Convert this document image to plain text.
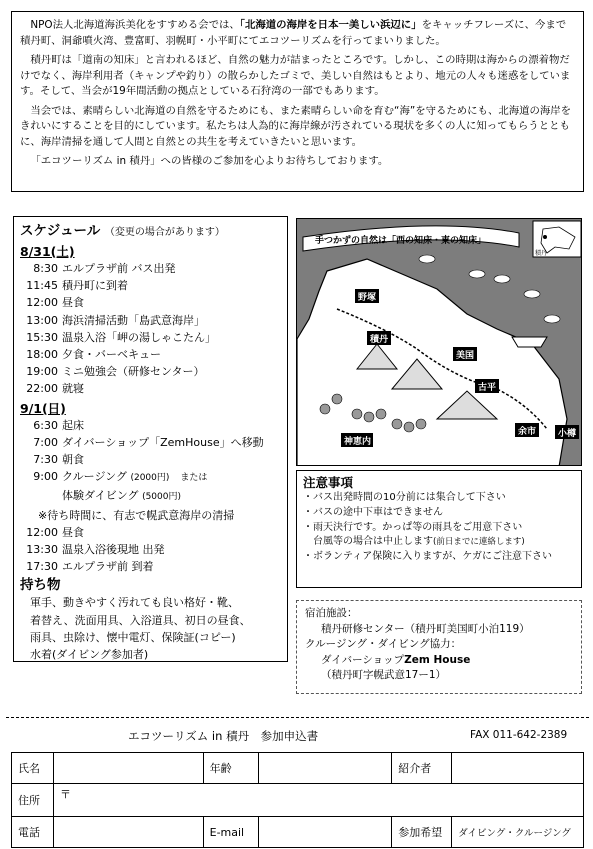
NPO法人北海道海浜美化をすすめる会では、「北海道の海岸を日本一美しい浜辺に」をキャッチフレーズに、今まで積丹町、洞爺噴火湾、豊富町、羽幌町・小平町にてエコツーリズムを行ってまいりました。

積丹町は「道南の知床」と言われるほど、自然の魅力が詰まったところです。しかし、この時期は海からの漂着物だけでなく、海岸利用者（キャンプや釣り）の散らかしたゴミで、美しい自然はもとより、地元の人々も迷惑をしています。そして、当会が19年間活動の拠点としている石狩湾の一部でもあります。

当会では、素晴らしい北海道の自然を守るためにも、また素晴らしい命を育む“海”を守るためにも、北海道の海岸をきれいにすることを目的にしています。私たちは人為的に海岸線が汚されている現状を多くの人に知ってもらうとともに、海岸清掃を通して人間と自然との共生を考えていきたいと思います。

「エコツーリズム in 積丹」への皆様のご参加を心よりお待ちしております。

スケジュール （変更の場合があります）
8/31(土)
8:30 エルプラザ前 バス出発
11:45 積丹町に到着
12:00 昼食
13:00 海浜清掃活動「島武意海岸」
15:30 温泉入浴「岬の湯しゃこたん」
18:00 夕食・バーベキュー
19:00 ミニ勉強会（研修センター）
22:00 就寝
9/1(日)
6:30 起床
7:00 ダイバーショップ「ZemHouse」へ移動
7:30 朝食
9:00 クルージング (2000円)　 または
体験ダイビング (5000円)
※待ち時間に、有志で幌武意海岸の清掃
12:00 昼食
13:30 温泉入浴後現地 出発
17:30 エルプラザ前 到着
持ち物
軍手、動きやすく汚れても良い格好・靴、
着替え、洗面用具、入浴道具、初日の昼食、
雨具、虫除け、懐中電灯、保険証(コピー)
水着(ダイビング参加者)
手つかずの自然は「西の知床・東の知床」
野塚
積丹
美国
古平
余市
神恵内
小樽
積丹
注意事項
・バス出発時間の10分前には集合して下さい
・バスの途中下車はできません
・雨天決行です。かっぱ等の雨具をご用意下さい
台風等の場合は中止します(前日までに連絡します)
・ボランティア保険に入りますが、ケガにご注意下さい
宿泊施設：
積丹研修センター（積丹町美国町小泊119）
クルージング・ダイビング協力：
ダイバーショップZem House
（積丹町字幌武意17ー1）
エコツーリズム in 積丹　参加申込書	FAX 011-642-2389
氏名		年齢		紹介者	
住所	〒				
電話		E-mail		参加希望	ダイビング・クルージング
